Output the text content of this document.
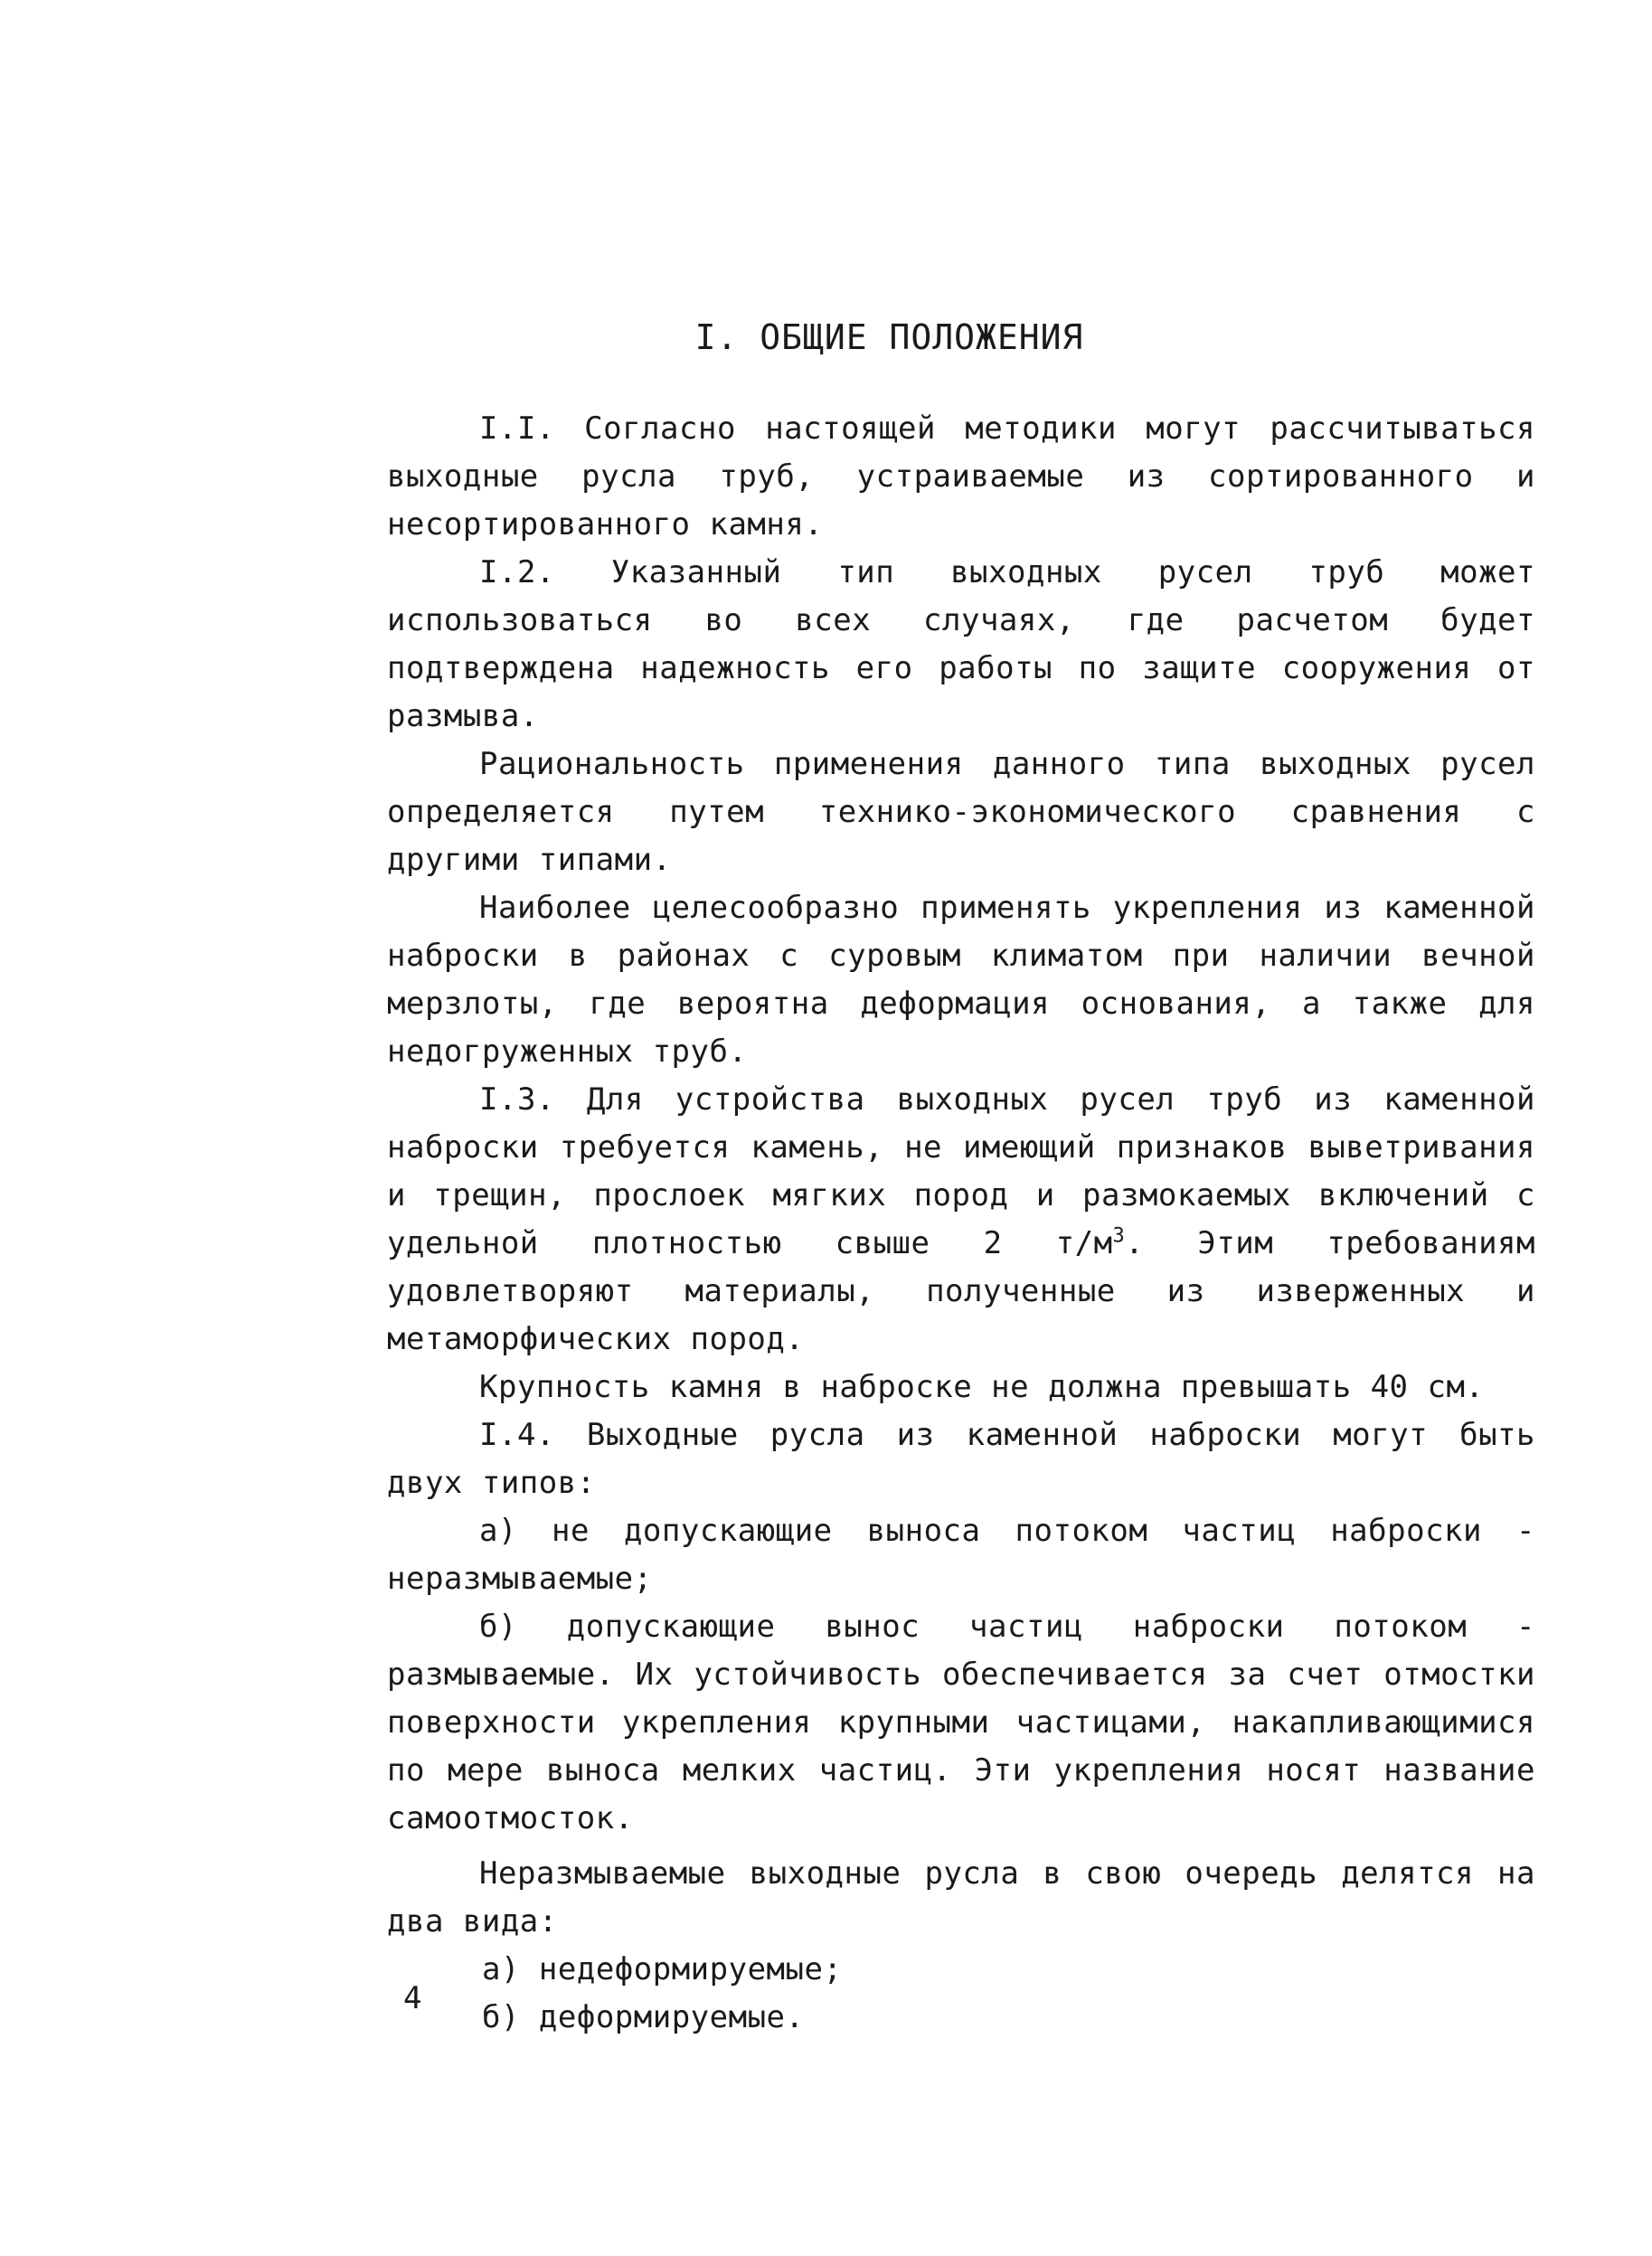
I. ОБЩИЕ ПОЛОЖЕНИЯ

I.I. Согласно настоящей методики могут рассчитываться выходные русла труб, устраиваемые из сортированного и несортированного камня.

I.2. Указанный тип выходных русел труб может использоваться во всех случаях, где расчетом будет подтверждена надежность его работы по защите сооружения от размыва.

Рациональность применения данного типа выходных русел определяется путем технико-экономического сравнения с другими типами.

Наиболее целесообразно применять укрепления из каменной наброски в районах с суровым климатом при наличии вечной мерзлоты, где вероятна деформация основания, а также для недогруженных труб.

I.3. Для устройства выходных русел труб из каменной наброски требуется камень, не имеющий признаков выветривания и трещин, прослоек мягких пород и размокаемых включений с удельной плотностью свыше 2 $т/м^3$. Этим требованиям удовлетворяют материалы, полученные из изверженных и метаморфических пород.

Крупность камня в наброске не должна превышать 40 см.

I.4. Выходные русла из каменной наброски могут быть двух типов:

а) не допускающие выноса потоком частиц наброски - неразмываемые;

б) допускающие вынос частиц наброски потоком - размываемые. Их устойчивость обеспечивается за счет отмостки поверхности укрепления крупными частицами, накапливающимися по мере выноса мелких частиц. Эти укрепления носят название самоотмосток.

Неразмываемые выходные русла в свою очередь делятся на два вида:

а) недеформируемые;

б) деформируемые.

4
